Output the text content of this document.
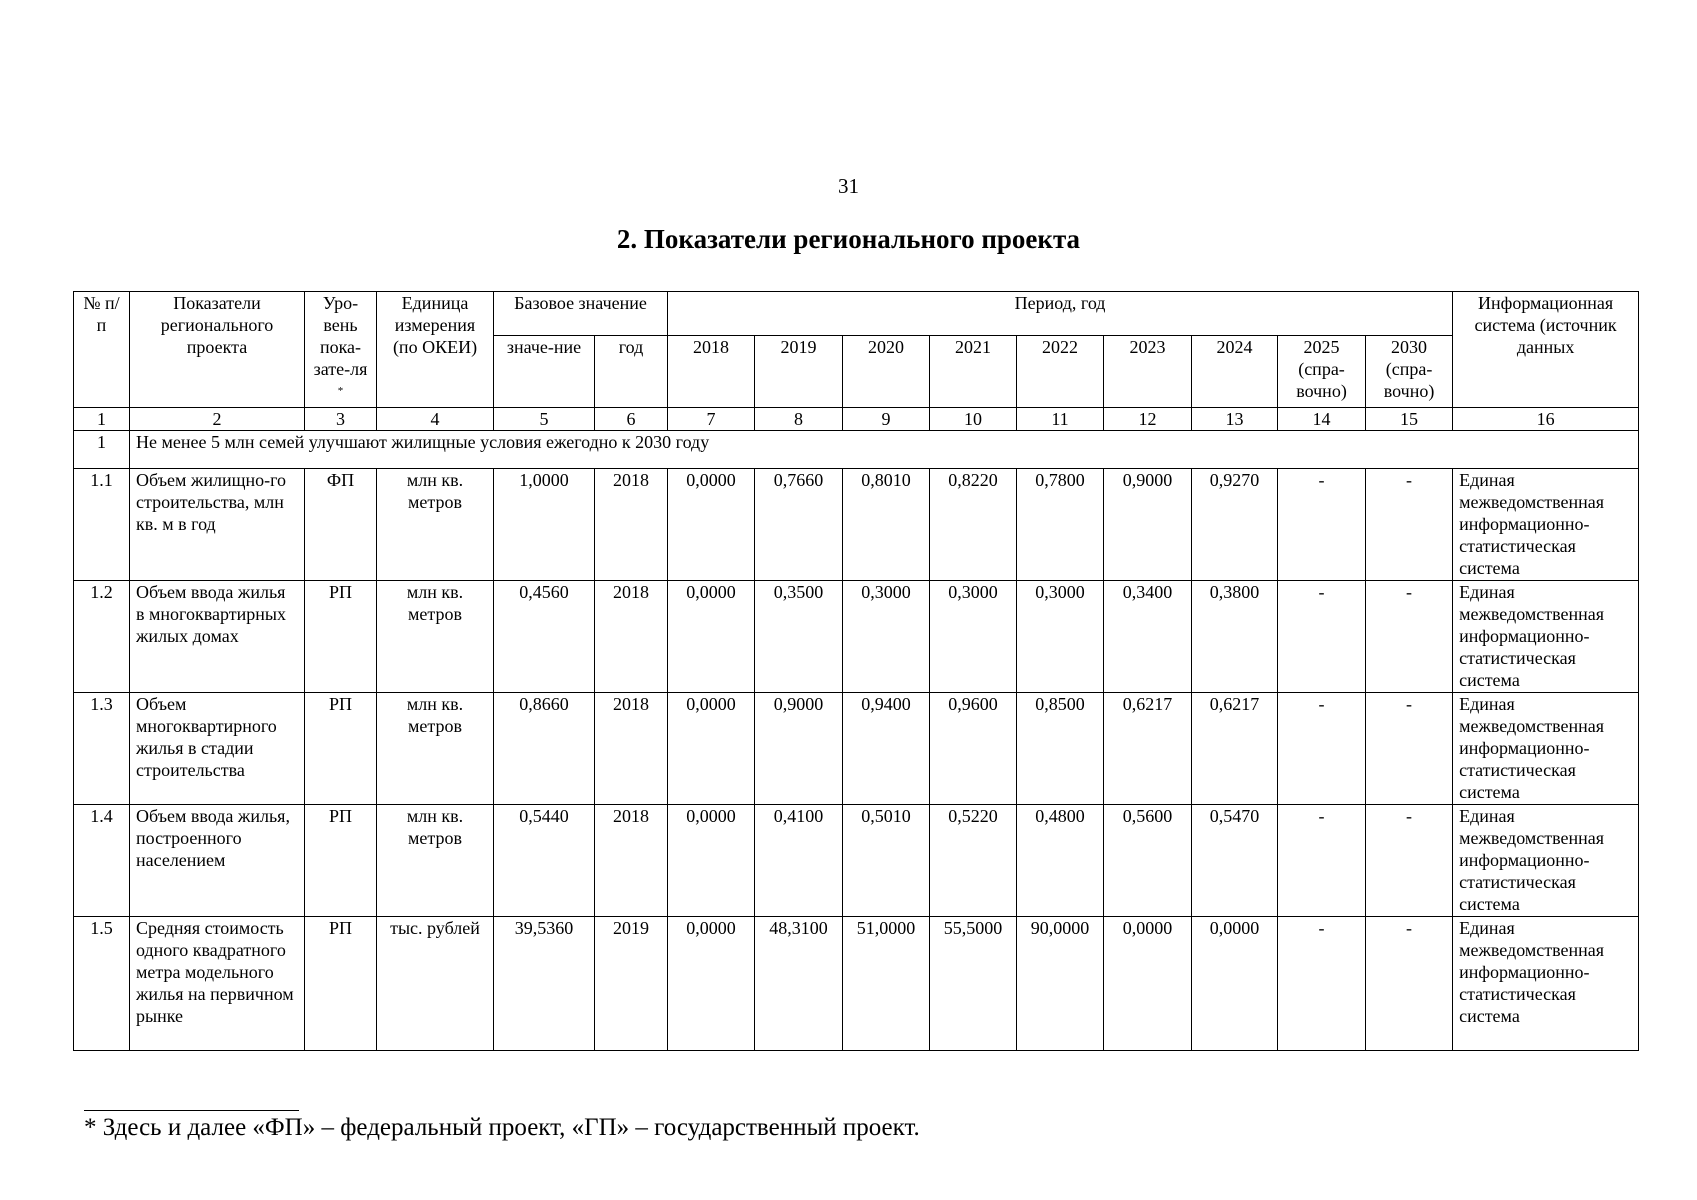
31
2. Показатели регионального проекта
№ п/п	Показатели регионального проекта	Уро-вень пока-зате-ля *	Единица измерения (по ОКЕИ)	Базовое значение		Период, год									Информационная система (источник данных
				значе-ние	год	2018	2019	2020	2021	2022	2023	2024	2025 (спра-вочно)	2030 (спра-вочно)	
1	2	3	4	5	6	7	8	9	10	11	12	13	14	15	16
1	Не менее 5 млн семей улучшают жилищные условия ежегодно к 2030 году														
1.1	Объем жилищно-го строительства, млн кв. м в год	ФП	млн кв. метров	1,0000	2018	0,0000	0,7660	0,8010	0,8220	0,7800	0,9000	0,9270	-	-	Единая межведомственная информационно-статистическая система
1.2	Объем ввода жилья в многоквартирных жилых домах	РП	млн кв. метров	0,4560	2018	0,0000	0,3500	0,3000	0,3000	0,3000	0,3400	0,3800	-	-	Единая межведомственная информационно-статистическая система
1.3	Объем многоквартирного жилья в стадии строительства	РП	млн кв. метров	0,8660	2018	0,0000	0,9000	0,9400	0,9600	0,8500	0,6217	0,6217	-	-	Единая межведомственная информационно-статистическая система
1.4	Объем ввода жилья, построенного населением	РП	млн кв. метров	0,5440	2018	0,0000	0,4100	0,5010	0,5220	0,4800	0,5600	0,5470	-	-	Единая межведомственная информационно-статистическая система
1.5	Средняя стоимость одного квадратного метра модельного жилья на первичном рынке	РП	тыс. рублей	39,5360	2019	0,0000	48,3100	51,0000	55,5000	90,0000	0,0000	0,0000	-	-	Единая межведомственная информационно-статистическая система
* Здесь и далее «ФП» – федеральный проект, «ГП» – государственный проект.
